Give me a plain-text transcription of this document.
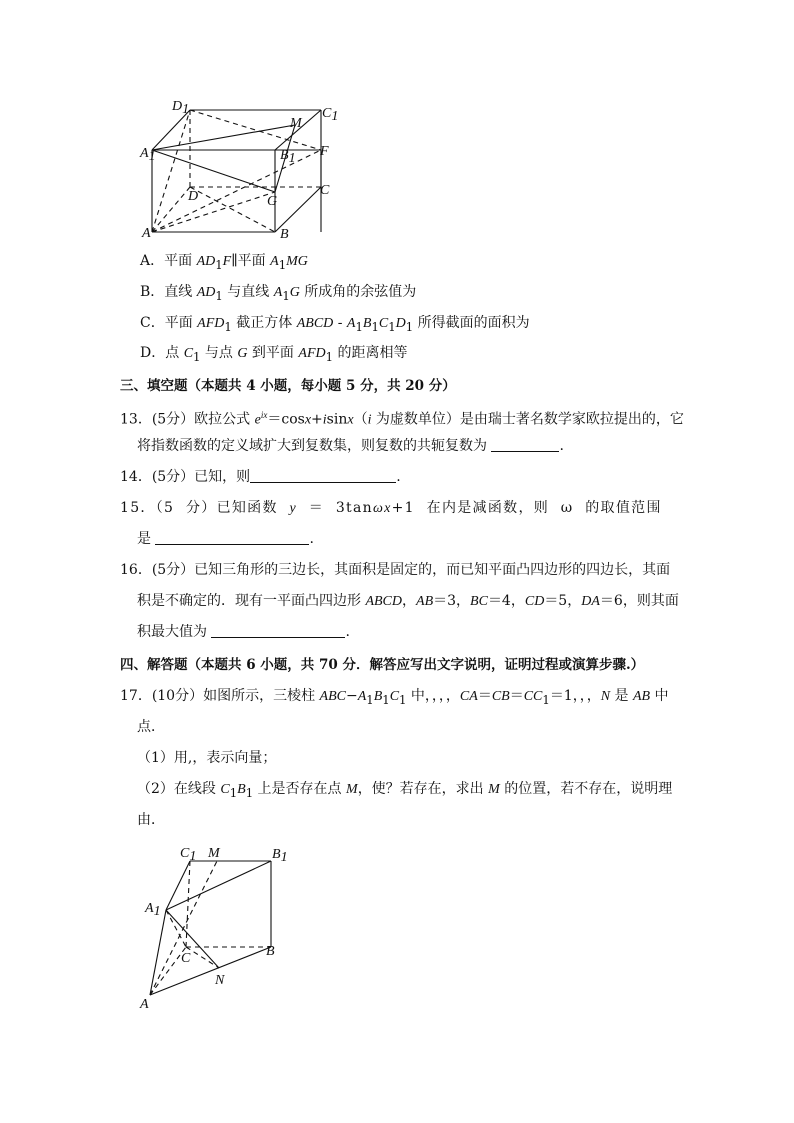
D1	C1
M
A1	B1 F
D	C
G
A	B
A．平面 $AD_1F\parallel$平面 $A_1MG$
B．直线 $AD_1$ 与直线 $A_1G$ 所成角的余弦值为
C．平面 $AFD_1$ 截正方体 ABCD - $A_1B_1C_1D_1$ 所得截面的面积为
D．点 $C_1$ 与点 G 到平面 $AFD_1$ 的距离相等
三、填空题（本题共 4 小题，每小题 5 分，共 20 分）
13．(5分）欧拉公式 $e^{ix}=\cos x+isinx(i$ 为虚数单位）是由瑞士著名数学家欧拉提出的，它
将指数函数的定义域扩大到复数集，则复数的共轭复数为	.
14．(5分）已知，则	.
15．（5 分）已知函数 y ＝ 3tanωx+1 在内是减函数，则 ω 的取值范围
是	.
16．(5分）已知三角形的三边长，其面积是固定的，而已知平面凸四边形的四边长，其面
积是不确定的．现有一平面凸四边形 ABCD，AB＝3，BC＝4，CD＝5，DA＝6，则其面
积最大值为	.
四、解答题（本题共 6 小题，共 70 分．解答应写出文字说明，证明过程或演算步骤.）
17．(10分）如图所示，三棱柱 $ABC-A_1B_1C_1$ 中，，，，$CA=CB=CC_1=1$，，，N 是 AB 中
点．
（1）用,，表示向量；
（2）在线段 $C_1B_1$ 上是否存在点 M，使？若存在，求出 M 的位置，若不存在，说明理
由．
C1 M	B1
A1
C	B
N
A
